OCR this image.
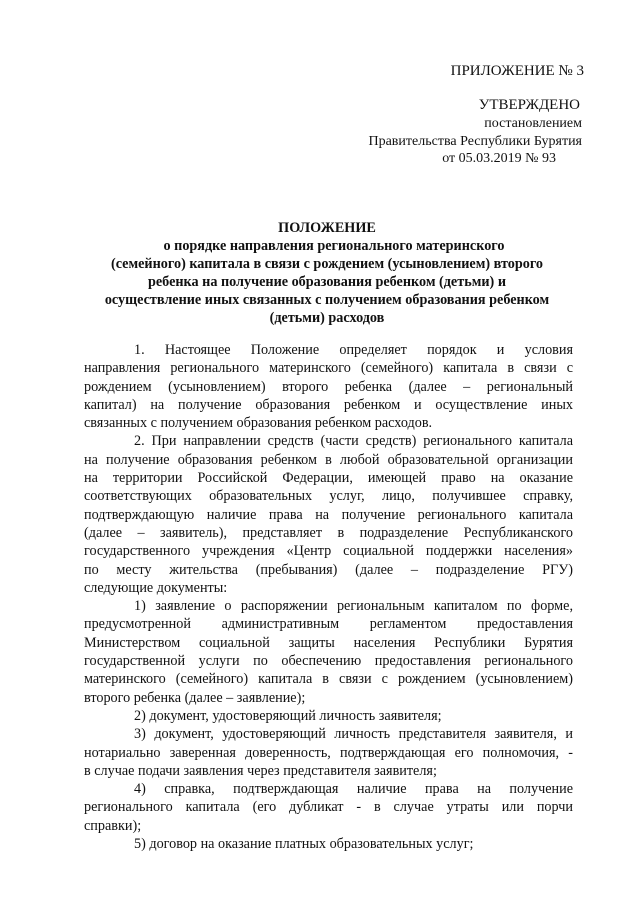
ПРИЛОЖЕНИЕ № 3
УТВЕРЖДЕНО
постановлением
Правительства Республики Бурятия
от 05.03.2019 № 93
ПОЛОЖЕНИЕ
о порядке направления регионального материнского
(семейного) капитала в связи с рождением (усыновлением) второго
ребенка на получение образования ребенком (детьми) и
осуществление иных связанных с получением образования ребенком
(детьми) расходов
1. Настоящее Положение определяет порядок и условия
направления регионального материнского (семейного) капитала в связи с
рождением (усыновлением) второго ребенка (далее – региональный
капитал) на получение образования ребенком и осуществление иных
связанных с получением образования ребенком расходов.
2. При направлении средств (части средств) регионального капитала
на получение образования ребенком в любой образовательной организации
на территории Российской Федерации, имеющей право на оказание
соответствующих образовательных услуг, лицо, получившее справку,
подтверждающую наличие права на получение регионального капитала
(далее – заявитель), представляет в подразделение Республиканского
государственного учреждения «Центр социальной поддержки населения»
по месту жительства (пребывания) (далее – подразделение РГУ)
следующие документы:
1) заявление о распоряжении региональным капиталом по форме,
предусмотренной административным регламентом предоставления
Министерством социальной защиты населения Республики Бурятия
государственной услуги по обеспечению предоставления регионального
материнского (семейного) капитала в связи с рождением (усыновлением)
второго ребенка (далее – заявление);
2) документ, удостоверяющий личность заявителя;
3) документ, удостоверяющий личность представителя заявителя, и
нотариально заверенная доверенность, подтверждающая его полномочия, -
в случае подачи заявления через представителя заявителя;
4) справка, подтверждающая наличие права на получение
регионального капитала (его дубликат - в случае утраты или порчи
справки);
5) договор на оказание платных образовательных услуг;
